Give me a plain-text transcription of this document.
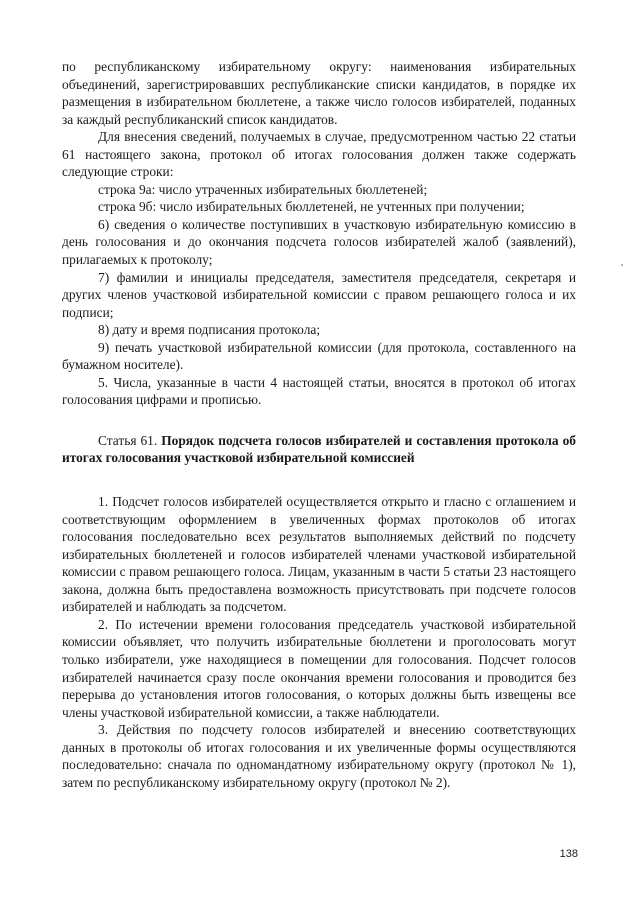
по республиканскому избирательному округу: наименования избирательных объединений, зарегистрировавших республиканские списки кандидатов, в порядке их размещения в избирательном бюллетене, а также число голосов избирателей, поданных за каждый республиканский список кандидатов.

Для внесения сведений, получаемых в случае, предусмотренном частью 22 статьи 61 настоящего закона, протокол об итогах голосования должен также содержать следующие строки:

строка 9а: число утраченных избирательных бюллетеней;

строка 9б: число избирательных бюллетеней, не учтенных при получении;

6) сведения о количестве поступивших в участковую избирательную комиссию в день голосования и до окончания подсчета голосов избирателей жалоб (заявлений), прилагаемых к протоколу;

7) фамилии и инициалы председателя, заместителя председателя, секретаря и других членов участковой избирательной комиссии с правом решающего голоса и их подписи;

8) дату и время подписания протокола;

9) печать участковой избирательной комиссии (для протокола, составленного на бумажном носителе).

5. Числа, указанные в части 4 настоящей статьи, вносятся в протокол об итогах голосования цифрами и прописью.

Статья 61. Порядок подсчета голосов избирателей и составления протокола об итогах голосования участковой избирательной комиссией

1. Подсчет голосов избирателей осуществляется открыто и гласно с оглашением и соответствующим оформлением в увеличенных формах протоколов об итогах голосования последовательно всех результатов выполняемых действий по подсчету избирательных бюллетеней и голосов избирателей членами участковой избирательной комиссии с правом решающего голоса. Лицам, указанным в части 5 статьи 23 настоящего закона, должна быть предоставлена возможность присутствовать при подсчете голосов избирателей и наблюдать за подсчетом.

2. По истечении времени голосования председатель участковой избирательной комиссии объявляет, что получить избирательные бюллетени и проголосовать могут только избиратели, уже находящиеся в помещении для голосования. Подсчет голосов избирателей начинается сразу после окончания времени голосования и проводится без перерыва до установления итогов голосования, о которых должны быть извещены все члены участковой избирательной комиссии, а также наблюдатели.

3. Действия по подсчету голосов избирателей и внесению соответствующих данных в протоколы об итогах голосования и их увеличенные формы осуществляются последовательно: сначала по одномандатному избирательному округу (протокол № 1), затем по республиканскому избирательному округу (протокол № 2).

138
